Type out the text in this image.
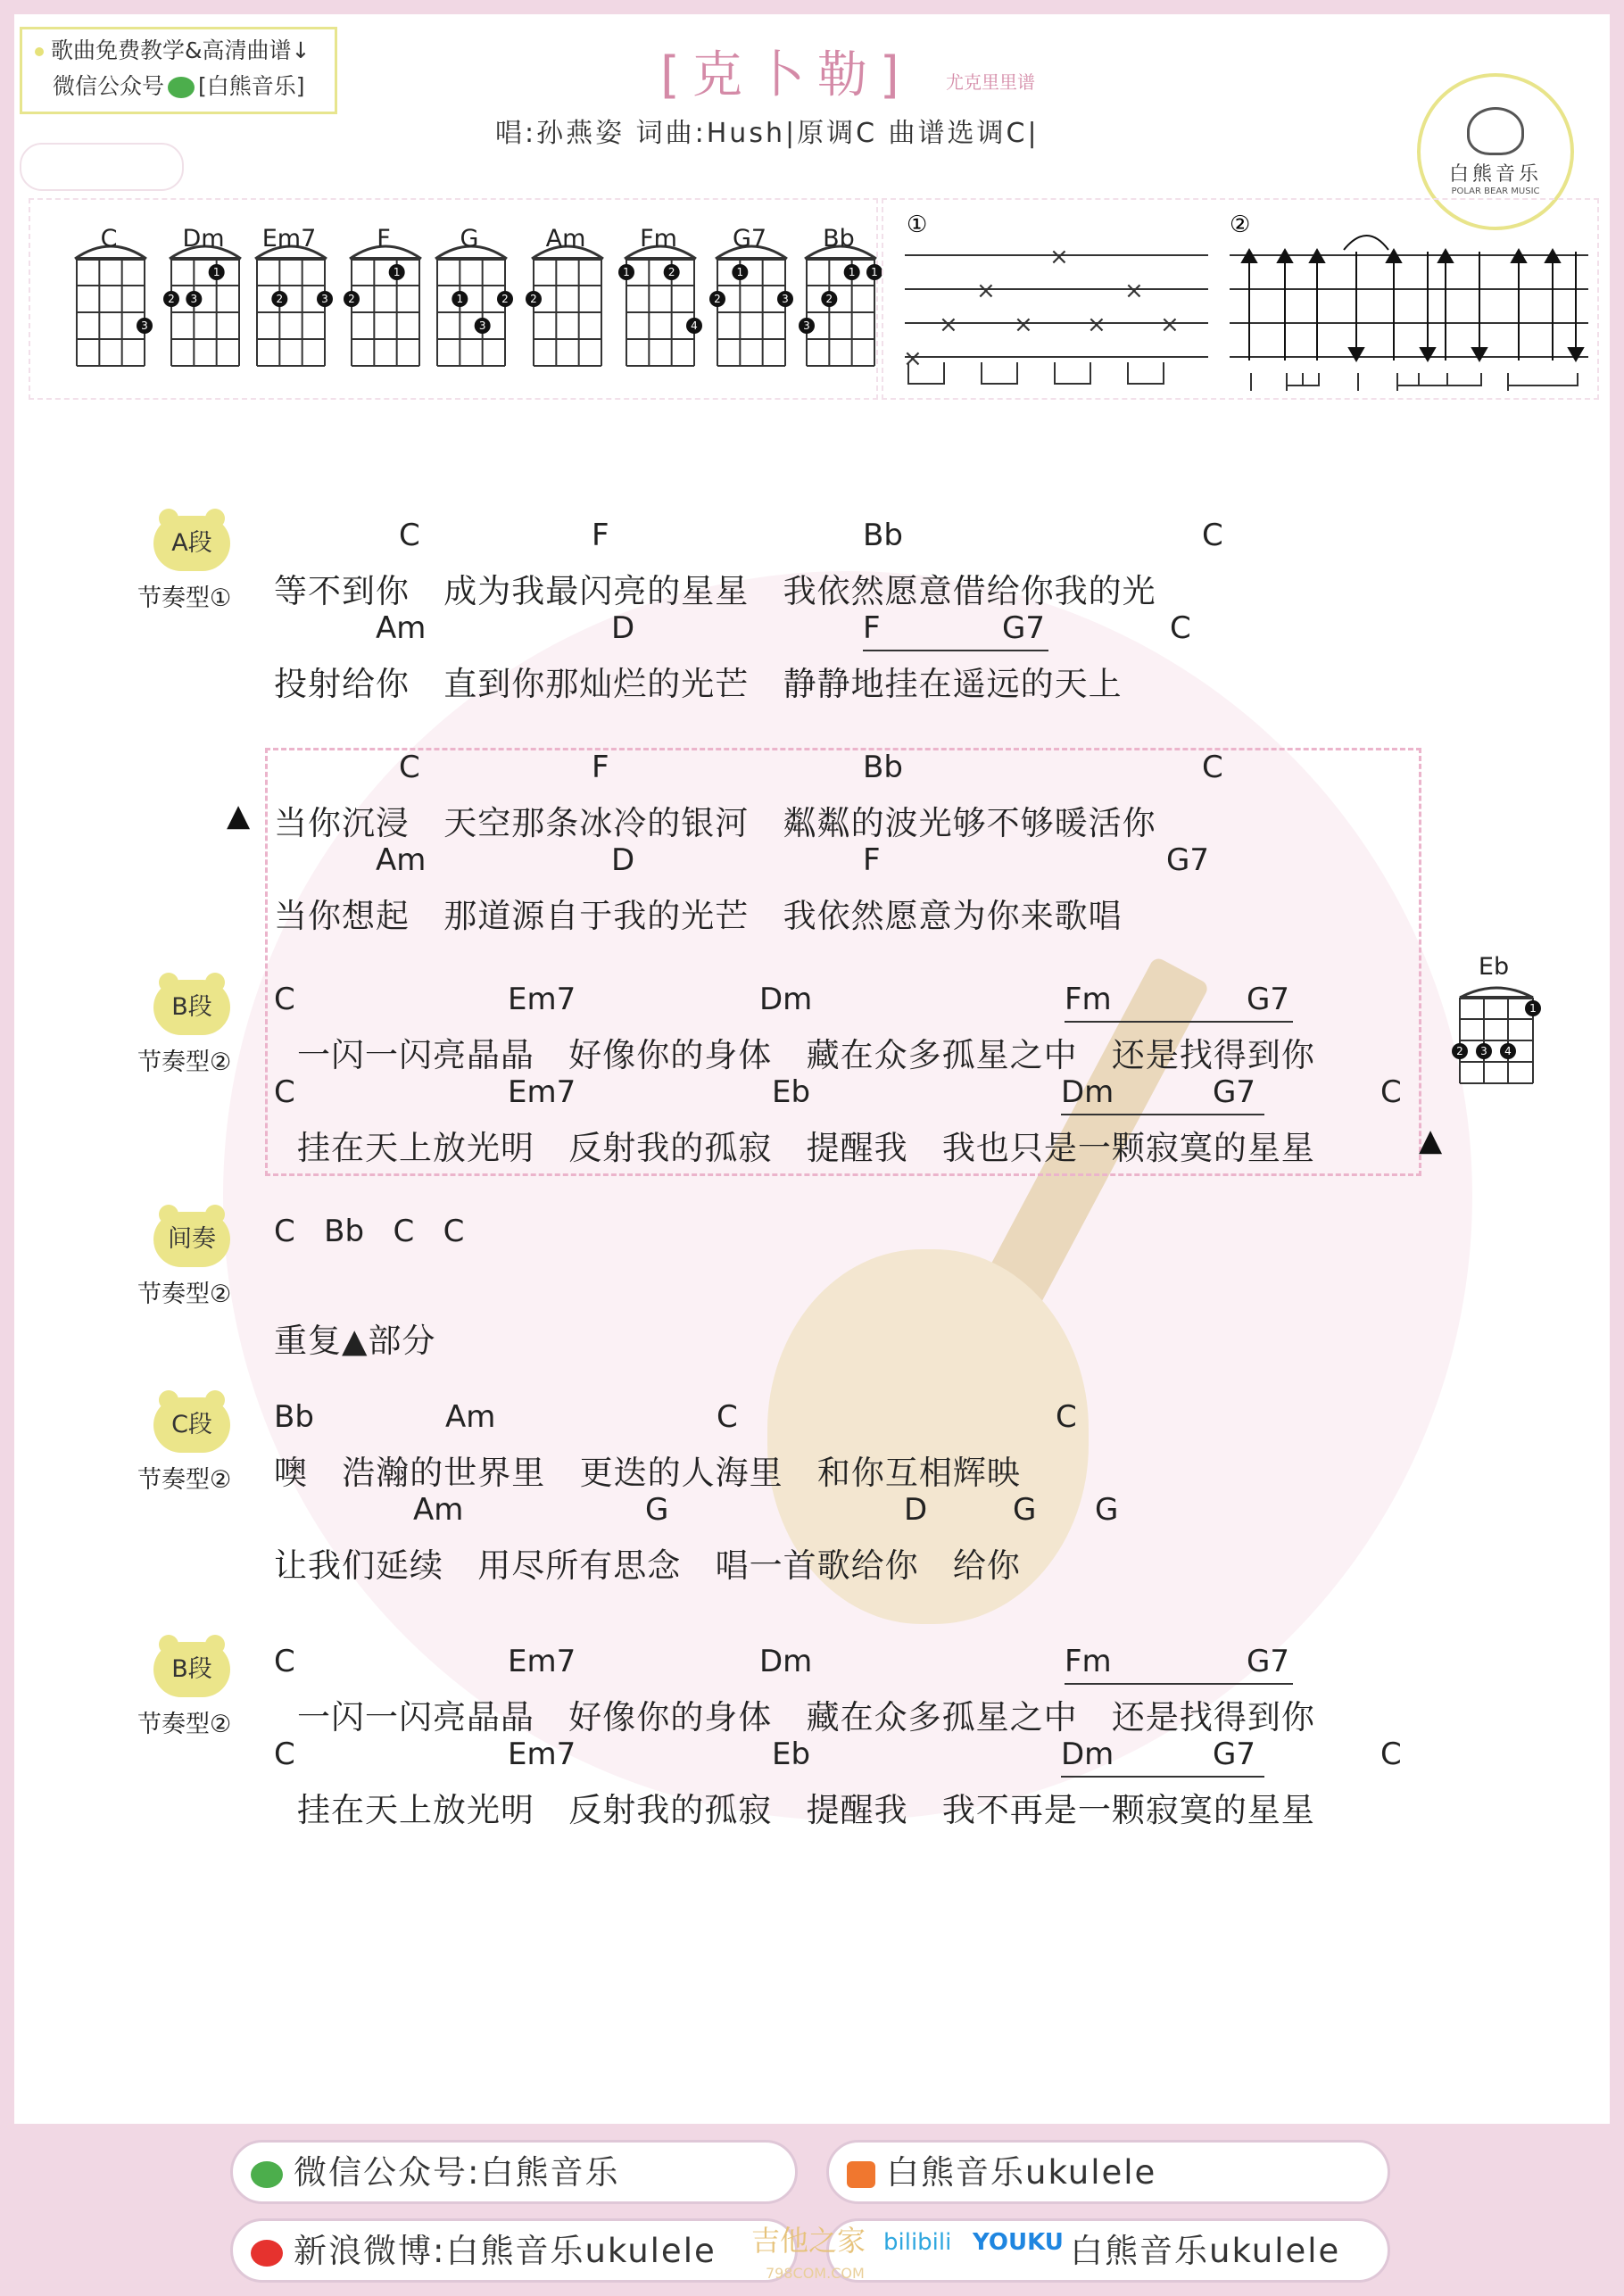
歌曲免费教学&高清曲谱↓
微信公众号 [白熊音乐]	[克卜勒] 尤克里里谱
唱:孙燕姿 词曲:Hush|原调C 曲谱选调C|
白熊音乐
POLAR BEAR MUSIC
3
2 3
1
2	3 2
1
1	2
3
2
1	2
4
2
1
3
3
2
1 1
C	Dm	Em7	F	G	Am	Fm	G7	Bb	①	②
×
×
×
×
×
×
×
×
A段
节奏型①
C	F	Bb	C
等不到你   成为我最闪亮的星星   我依然愿意借给你我的光
Am	D	F	G7	C
投射给你   直到你那灿烂的光芒   静静地挂在遥远的天上
C	F	Bb	C
当你沉浸   天空那条冰冷的银河   粼粼的波光够不够暖活你
Am	D	F	G7
当你想起   那道源自于我的光芒   我依然愿意为你来歌唱
B段
节奏型②
C	Em7	Dm	Fm	G7
一闪一闪亮晶晶   好像你的身体   藏在众多孤星之中   还是找得到你
C	Em7	Eb	Dm	G7	C
挂在天上放光明   反射我的孤寂   提醒我   我也只是一颗寂寞的星星
间奏
节奏型②
C   Bb   C   C
重复▲部分
C段
节奏型②
Bb	Am	C	C
噢   浩瀚的世界里   更迭的人海里   和你互相辉映
Am	G	D	G G
让我们延续   用尽所有思念   唱一首歌给你   给你
B段
节奏型②
C	Em7	Dm	Fm	G7
一闪一闪亮晶晶   好像你的身体   藏在众多孤星之中   还是找得到你
C	Em7	Eb	Dm	G7	C
挂在天上放光明   反射我的孤寂   提醒我   我不再是一颗寂寞的星星
▲
▲
Eb
1
2 3 4
微信公众号:白熊音乐	白熊音乐ukulele
新浪微博:白熊音乐ukulele	白熊音乐ukulele
bilibili YOUKU
吉他之家
798COM.COM
